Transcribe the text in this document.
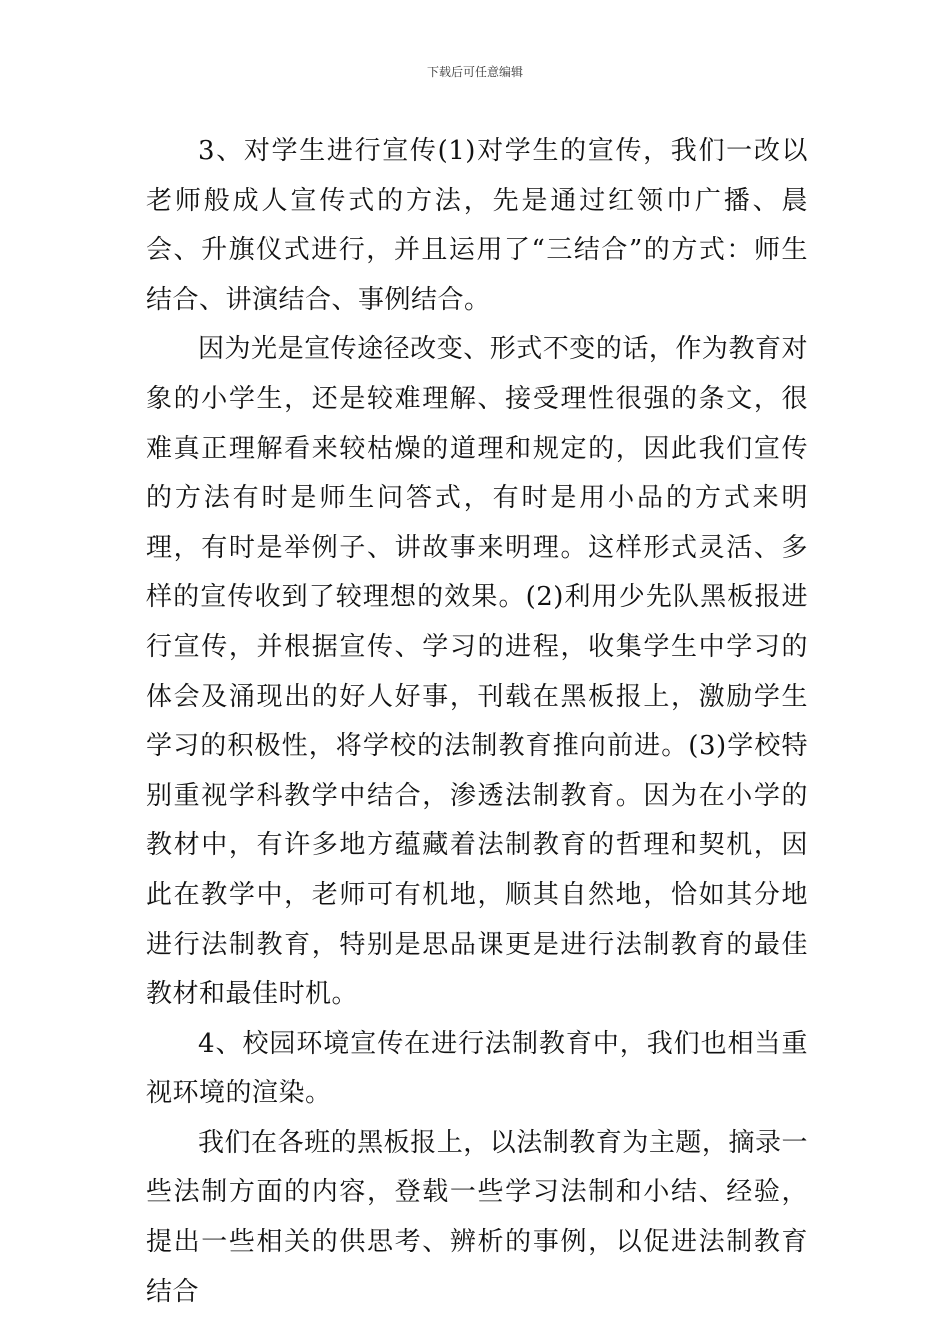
下载后可任意编辑

3、对学生进行宣传(1)对学生的宣传，我们一改以老师般成人宣传式的方法，先是通过红领巾广播、晨会、升旗仪式进行，并且运用了“三结合”的方式：师生结合、讲演结合、事例结合。

因为光是宣传途径改变、形式不变的话，作为教育对象的小学生，还是较难理解、接受理性很强的条文，很难真正理解看来较枯燥的道理和规定的，因此我们宣传的方法有时是师生问答式，有时是用小品的方式来明理，有时是举例子、讲故事来明理。这样形式灵活、多样的宣传收到了较理想的效果。(2)利用少先队黑板报进行宣传，并根据宣传、学习的进程，收集学生中学习的体会及涌现出的好人好事，刊载在黑板报上，激励学生学习的积极性，将学校的法制教育推向前进。(3)学校特别重视学科教学中结合，渗透法制教育。因为在小学的教材中，有许多地方蕴藏着法制教育的哲理和契机，因此在教学中，老师可有机地，顺其自然地，恰如其分地进行法制教育，特别是思品课更是进行法制教育的最佳教材和最佳时机。

4、校园环境宣传在进行法制教育中，我们也相当重视环境的渲染。

我们在各班的黑板报上，以法制教育为主题，摘录一些法制方面的内容，登载一些学习法制和小结、经验，提出一些相关的供思考、辨析的事例，以促进法制教育结合
